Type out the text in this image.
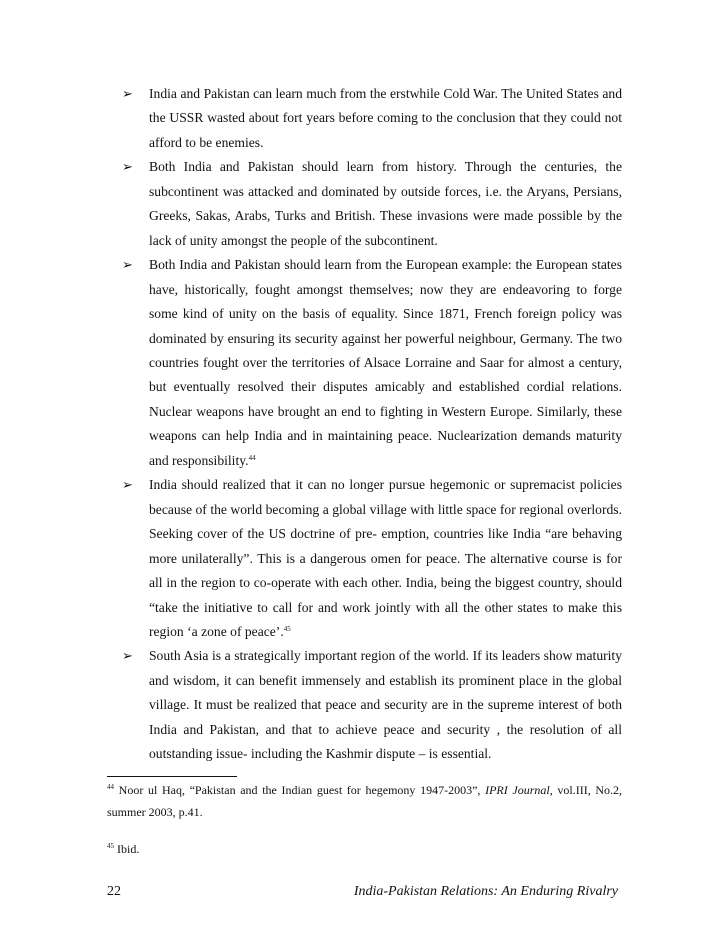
➢ India and Pakistan can learn much from the erstwhile Cold War. The United States and the USSR wasted about fort years before coming to the conclusion that they could not afford to be enemies.
➢ Both India and Pakistan should learn from history. Through the centuries, the subcontinent was attacked and dominated by outside forces, i.e. the Aryans, Persians, Greeks, Sakas, Arabs, Turks and British. These invasions were made possible by the lack of unity amongst the people of the subcontinent.
➢ Both India and Pakistan should learn from the European example: the European states have, historically, fought amongst themselves; now they are endeavoring to forge some kind of unity on the basis of equality. Since 1871, French foreign policy was dominated by ensuring its security against her powerful neighbour, Germany. The two countries fought over the territories of Alsace Lorraine and Saar for almost a century, but eventually resolved their disputes amicably and established cordial relations. Nuclear weapons have brought an end to fighting in Western Europe. Similarly, these weapons can help India and in maintaining peace. Nuclearization demands maturity and responsibility.$^{44}$
➢ India should realized that it can no longer pursue hegemonic or supremacist policies because of the world becoming a global village with little space for regional overlords. Seeking cover of the US doctrine of pre- emption, countries like India “are behaving more unilaterally”. This is a dangerous omen for peace. The alternative course is for all in the region to co-operate with each other. India, being the biggest country, should “take the initiative to call for and work jointly with all the other states to make this region ‘a zone of peace’.$^{45}$
➢ South Asia is a strategically important region of the world. If its leaders show maturity and wisdom, it can benefit immensely and establish its prominent place in the global village. It must be realized that peace and security are in the supreme interest of both India and Pakistan, and that to achieve peace and security , the resolution of all outstanding issue- including the Kashmir dispute – is essential.
$^{44}$ Noor ul Haq, “Pakistan and the Indian guest for hegemony 1947-2003”, IPRI Journal, vol.III, No.2, summer 2003, p.41.
$^{45}$ Ibid.
22	India-Pakistan Relations: An Enduring Rivalry
